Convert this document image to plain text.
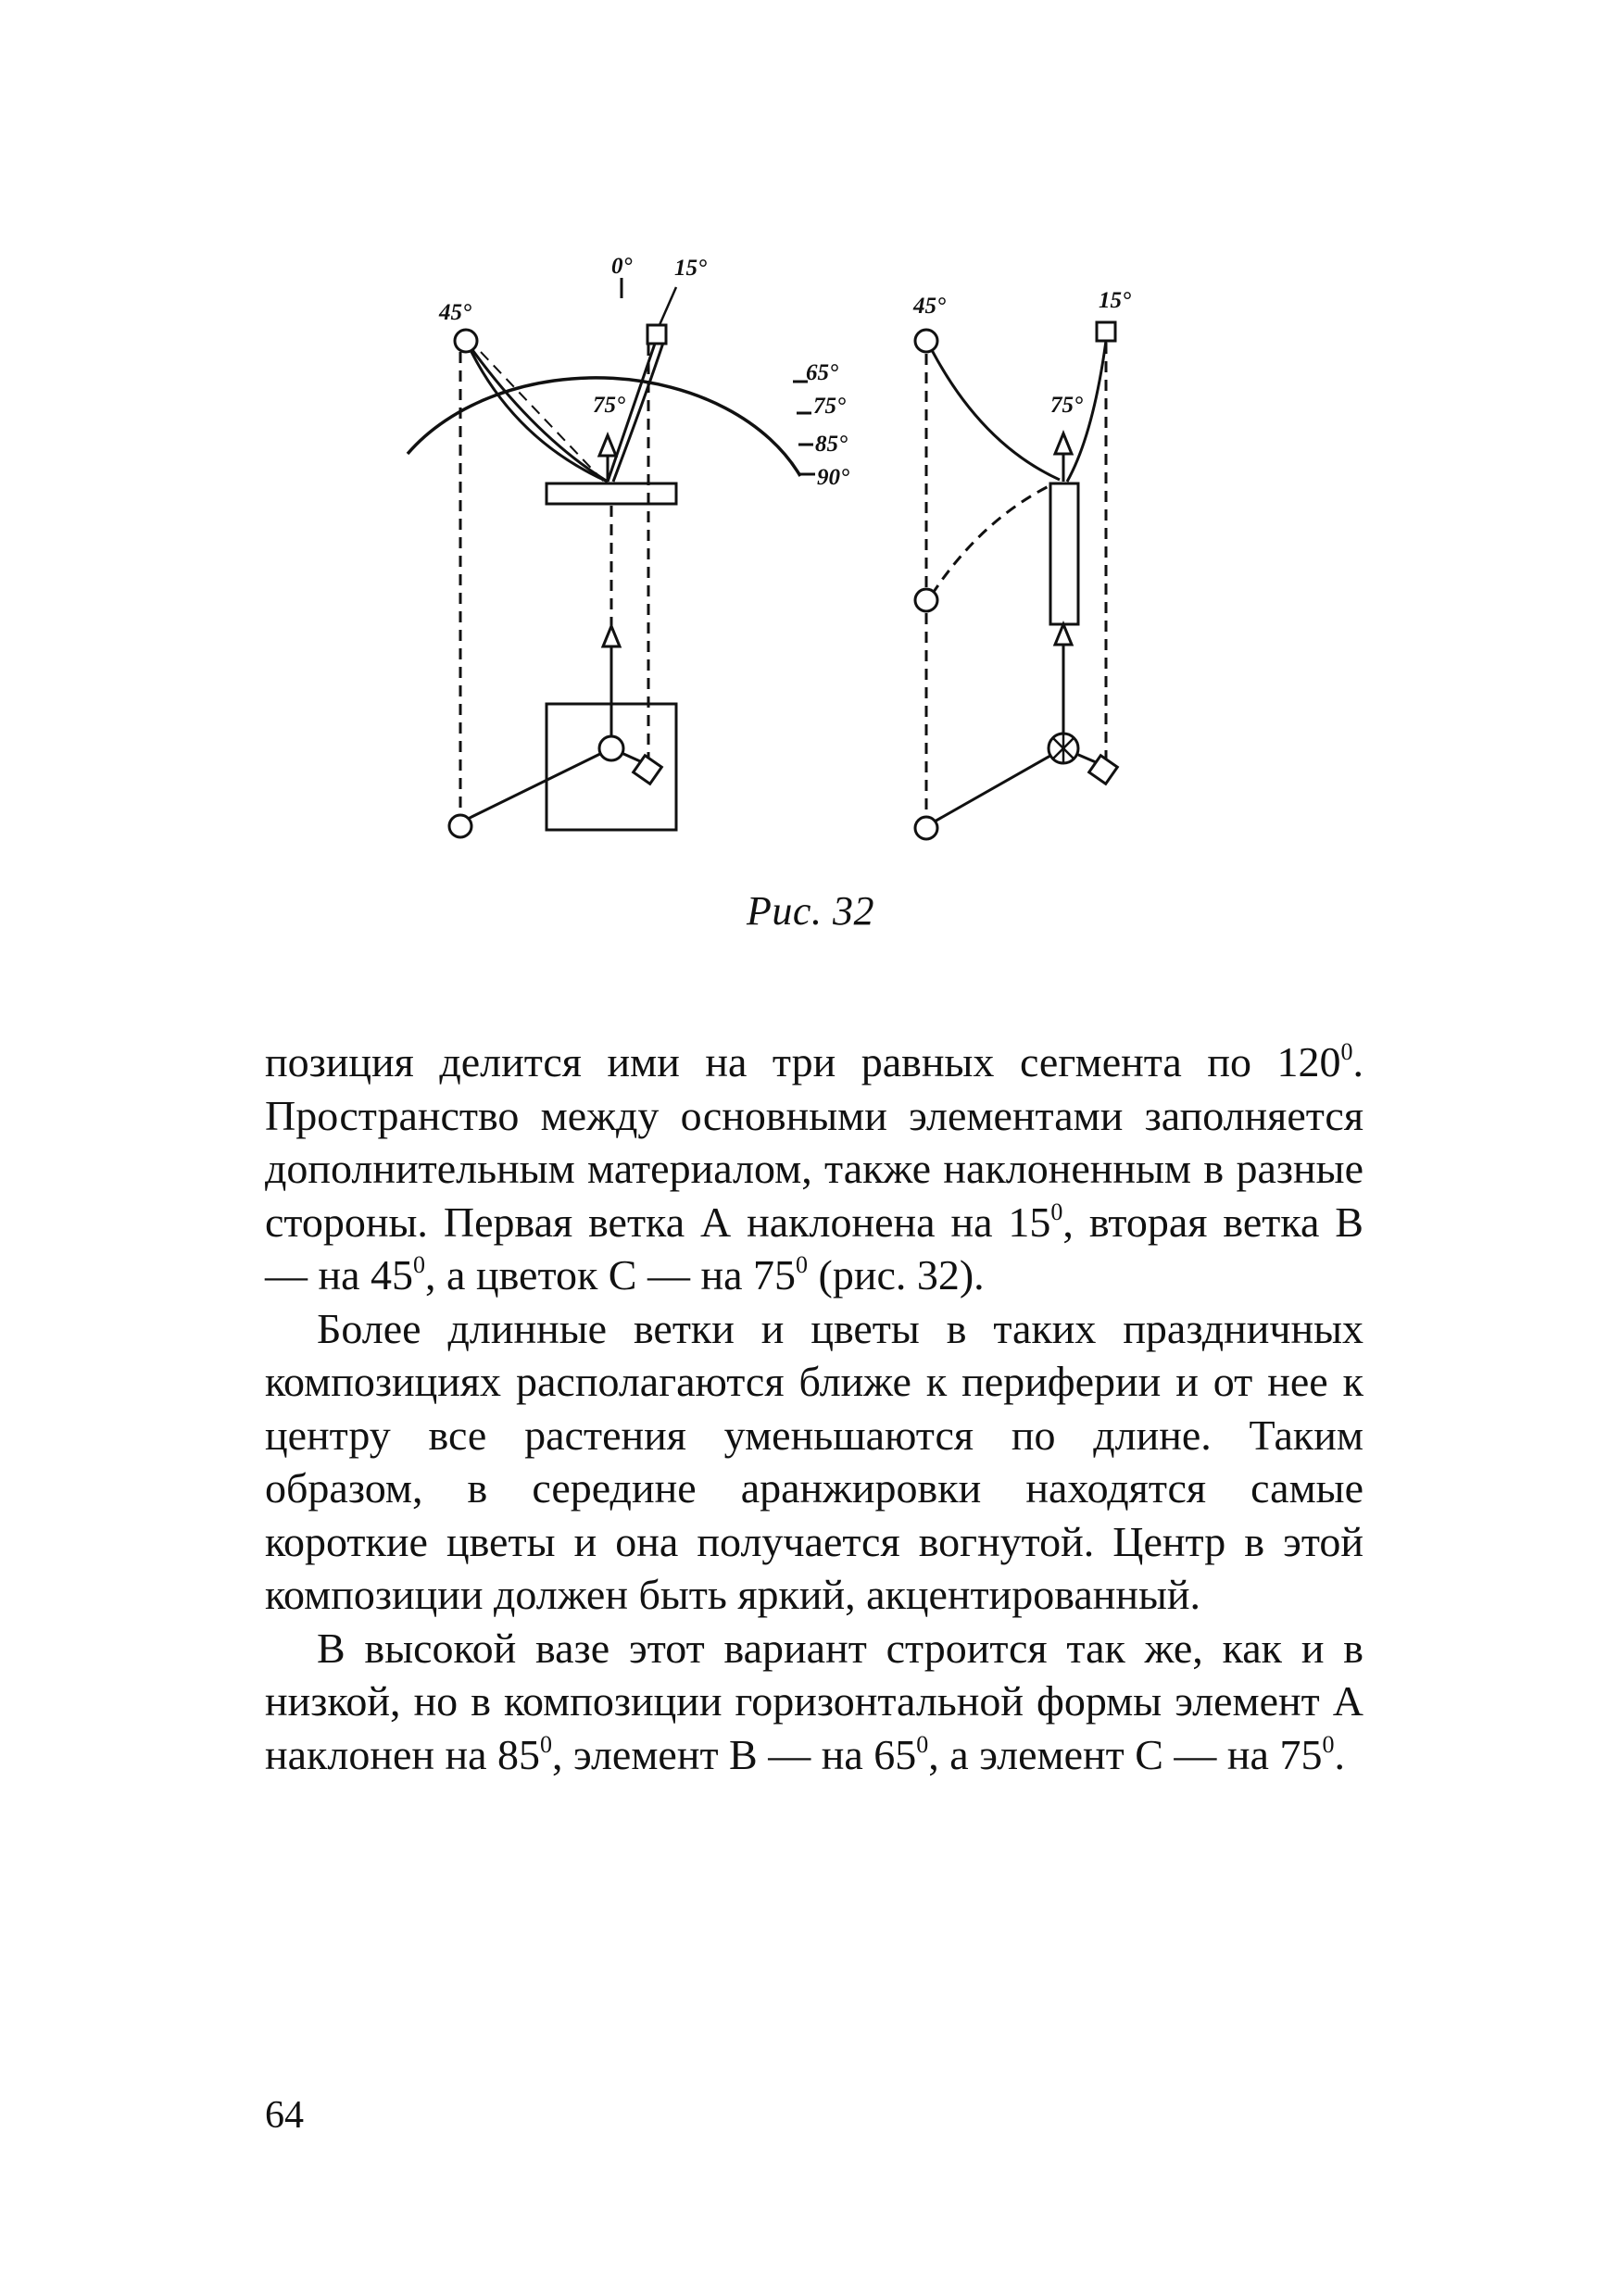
0° 15°
45°
75°
65°
75°
85°
90°
45°	15°
75°
Рис. 32

позиция делится ими на три равных сегмента по $120^0$. Пространство между основными элементами заполняется дополнительным материалом, также наклоненным в разные стороны. Первая ветка А наклонена на $15^0$, вторая ветка В — на $45^0$, а цветок С — на $75^0$ (рис. 32).

Более длинные ветки и цветы в таких праздничных композициях располагаются ближе к периферии и от нее к центру все растения уменьшаются по длине. Таким образом, в середине аранжировки находятся самые короткие цветы и она получается вогнутой. Центр в этой композиции должен быть яркий, акцентированный.

В высокой вазе этот вариант строится так же, как и в низкой, но в композиции горизонтальной формы элемент А наклонен на $85^0$, элемент В — на $65^0$, а элемент С — на $75^0$.

64
